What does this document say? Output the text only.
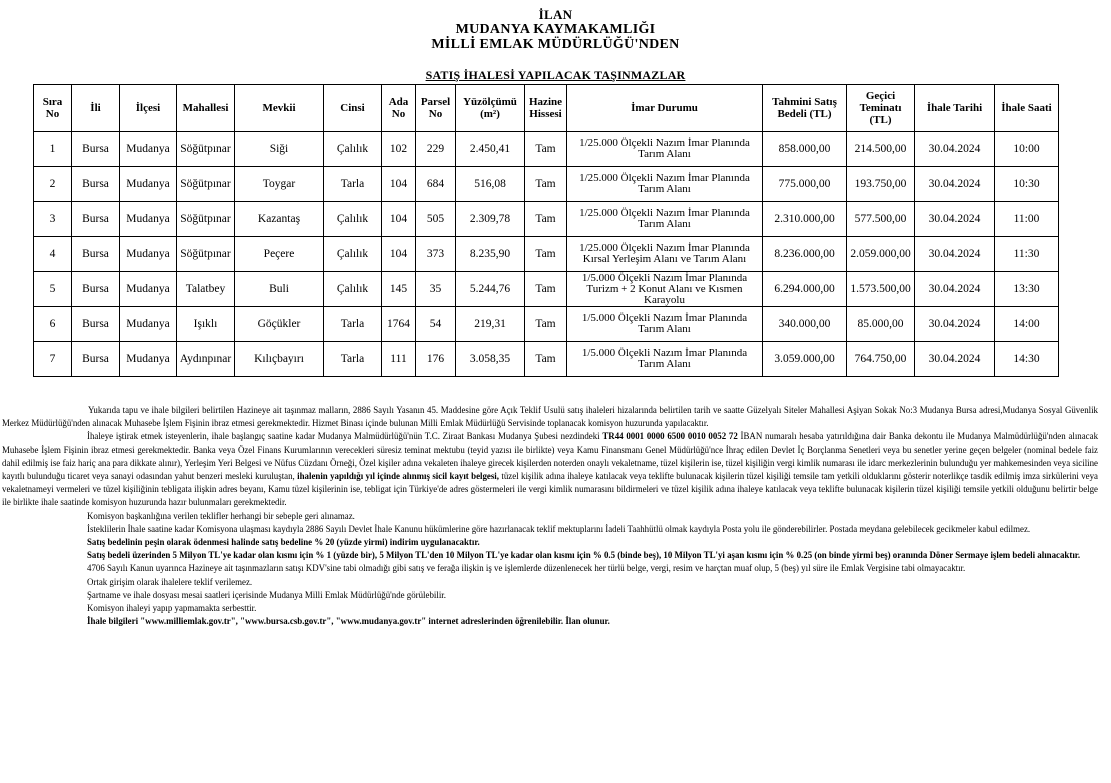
İLAN
MUDANYA KAYMAKAMLIĞI
MİLLİ EMLAK MÜDÜRLÜĞÜ'NDEN
SATIŞ İHALESİ YAPILACAK TAŞINMAZLAR
Sıra No	İli	İlçesi	Mahallesi	Mevkii	Cinsi	Ada No	Parsel No	Yüzölçümü (m²)	Hazine Hissesi	İmar Durumu	Tahmini Satış Bedeli (TL)	Geçici Teminatı (TL)	İhale Tarihi	İhale Saati
1	Bursa	Mudanya	Söğütpınar	Siği	Çalılık	102	229	2.450,41	Tam	1/25.000 Ölçekli Nazım İmar Planında Tarım Alanı	858.000,00	214.500,00	30.04.2024	10:00
2	Bursa	Mudanya	Söğütpınar	Toygar	Tarla	104	684	516,08	Tam	1/25.000 Ölçekli Nazım İmar Planında Tarım Alanı	775.000,00	193.750,00	30.04.2024	10:30
3	Bursa	Mudanya	Söğütpınar	Kazantaş	Çalılık	104	505	2.309,78	Tam	1/25.000 Ölçekli Nazım İmar Planında Tarım Alanı	2.310.000,00	577.500,00	30.04.2024	11:00
4	Bursa	Mudanya	Söğütpınar	Peçere	Çalılık	104	373	8.235,90	Tam	1/25.000 Ölçekli Nazım İmar Planında Kırsal Yerleşim Alanı ve Tarım Alanı	8.236.000,00	2.059.000,00	30.04.2024	11:30
5	Bursa	Mudanya	Talatbey	Buli	Çalılık	145	35	5.244,76	Tam	1/5.000 Ölçekli Nazım İmar Planında Turizm + 2 Konut Alanı ve Kısmen Karayolu	6.294.000,00	1.573.500,00	30.04.2024	13:30
6	Bursa	Mudanya	Işıklı	Göçükler	Tarla	1764	54	219,31	Tam	1/5.000 Ölçekli Nazım İmar Planında Tarım Alanı	340.000,00	85.000,00	30.04.2024	14:00
7	Bursa	Mudanya	Aydınpınar	Kılıçbayırı	Tarla	111	176	3.058,35	Tam	1/5.000 Ölçekli Nazım İmar Planında Tarım Alanı	3.059.000,00	764.750,00	30.04.2024	14:30

Yukarıda tapu ve ihale bilgileri belirtilen Hazineye ait taşınmaz malların, 2886 Sayılı Yasanın 45. Maddesine göre Açık Teklif Usulü satış ihaleleri hizalarında belirtilen tarih ve saatte Güzelyalı Siteler Mahallesi Aşiyan Sokak No:3 Mudanya Bursa adresi,Mudanya Sosyal Güvenlik Merkez Müdürlüğü'nden alınacak Muhasebe İşlem Fişinin ibraz etmesi gerekmektedir. Hizmet Binası içinde bulunan Milli Emlak Müdürlüğü Servisinde toplanacak komisyon huzurunda yapılacaktır.

İhaleye iştirak etmek isteyenlerin, ihale başlangıç saatine kadar Mudanya Malmüdürlüğü'nün T.C. Ziraat Bankası Mudanya Şubesi nezdindeki TR44 0001 0000 6500 0010 0052 72 İBAN numaralı hesaba yatırıldığına dair Banka dekontu ile Mudanya Malmüdürlüğü'nden alınacak Muhasebe İşlem Fişinin ibraz etmesi gerekmektedir. Banka veya Özel Finans Kurumlarının verecekleri süresiz teminat mektubu (teyid yazısı ile birlikte) veya Kamu Finansmanı Genel Müdürlüğü'nce İhraç edilen Devlet İç Borçlanma Senetleri veya bu senetler yerine geçen belgeler (nominal bedele faiz dahil edilmiş ise faiz hariç ana para dikkate alınır), Yerleşim Yeri Belgesi ve Nüfus Cüzdanı Örneği, Özel kişiler adına vekaleten ihaleye girecek kişilerden noterden onaylı vekaletname, tüzel kişilerin ise, tüzel kişiliğin vergi kimlik numarası ile idarc merkezlerinin bulunduğu yer mahkemesinden veya siciline kayıtlı bulunduğu ticaret veya sanayi odasından yahut benzeri mesleki kuruluştan, ihalenin yapıldığı yıl içinde alınmış sicil kayıt belgesi, tüzel kişilik adına ihaleye katılacak veya teklifte bulunacak kişilerin tüzel kişiliği temsile tam yetkili olduklarını gösterir noterlikçe tasdik edilmiş imza sirkülerini veya vekaletnameyi vermeleri ve tüzel kişiliğinin tebligata ilişkin adres beyanı, Kamu tüzel kişilerinin ise, tebligat için Türkiye'de adres göstermeleri ile vergi kimlik numarasını bildirmeleri ve tüzel kişilik adına ihaleye katılacak veya teklifte bulunacak kişilerin tüzel kişiliği temsile yetkili olduğunu belirtir belge ile birlikte ihale saatinde komisyon huzurunda hazır bulunmaları gerekmektedir.

Komisyon başkanlığına verilen teklifler herhangi bir sebeple geri alınamaz.

İsteklilerin İhale saatine kadar Komisyona ulaşması kaydıyla 2886 Sayılı Devlet İhale Kanunu hükümlerine göre hazırlanacak teklif mektuplarını İadeli Taahhütlü olmak kaydıyla Posta yolu ile gönderebilirler. Postada meydana gelebilecek gecikmeler kabul edilmez.

Satış bedelinin peşin olarak ödenmesi halinde satış bedeline % 20 (yüzde yirmi) indirim uygulanacaktır.

Satış bedeli üzerinden 5 Milyon TL'ye kadar olan kısmı için % 1 (yüzde bir), 5 Milyon TL'den 10 Milyon TL'ye kadar olan kısmı için % 0.5 (binde beş), 10 Milyon TL'yi aşan kısmı için % 0.25 (on binde yirmi beş) oranında Döner Sermaye işlem bedeli alınacaktır.

4706 Sayılı Kanun uyarınca Hazineye ait taşınmazların satışı KDV'sine tabi olmadığı gibi satış ve ferağa ilişkin iş ve işlemlerde düzenlenecek her türlü belge, vergi, resim ve harçtan muaf olup, 5 (beş) yıl süre ile Emlak Vergisine tabi olmayacaktır.

Ortak girişim olarak ihalelere teklif verilemez.

Şartname ve ihale dosyası mesai saatleri içerisinde Mudanya Milli Emlak Müdürlüğü'nde görülebilir.

Komisyon ihaleyi yapıp yapmamakta serbesttir.

İhale bilgileri "www.milliemlak.gov.tr", "www.bursa.csb.gov.tr", "www.mudanya.gov.tr" internet adreslerinden öğrenilebilir. İlan olunur.
